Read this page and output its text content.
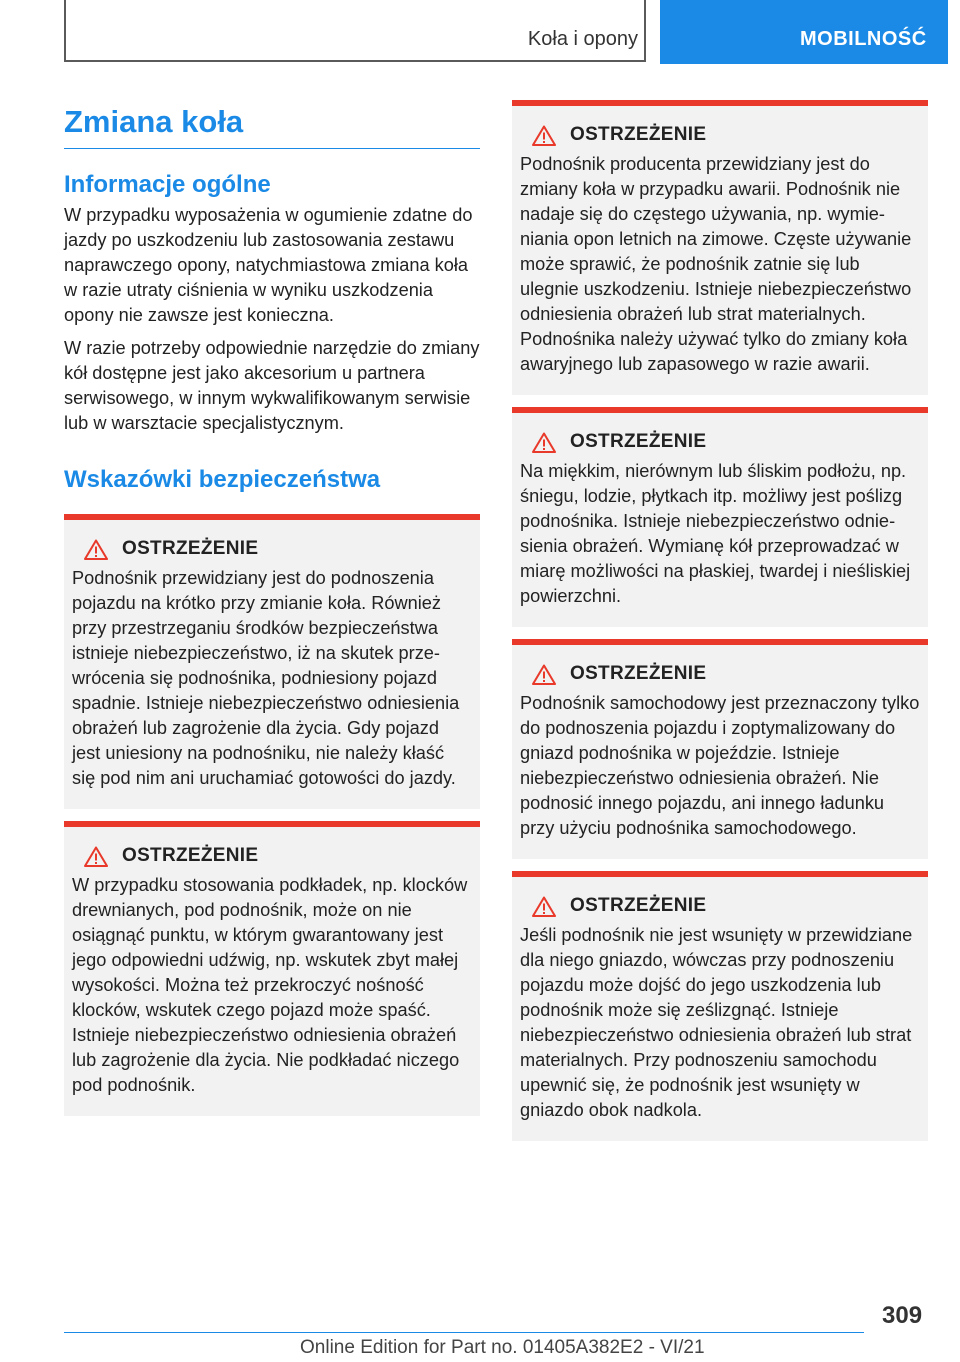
Koła i opony	MOBILNOŚĆ
Zmiana koła
Informacje ogólne

W przypadku wyposażenia w ogumienie zdatne do jazdy po uszkodzeniu lub zastosowania zestawu naprawczego opony, natychmiastowa zmiana koła w razie utraty ciśnienia w wyniku uszkodzenia opony nie zawsze jest konieczna.

W razie potrzeby odpowiednie narzędzie do zmiany kół dostępne jest jako akcesorium u partnera serwisowego, w innym wykwalifikowanym serwisie lub w warsztacie specjalistycznym.

Wskazówki bezpieczeństwa
OSTRZEŻENIE

Podnośnik przewidziany jest do podnoszenia pojazdu na krótko przy zmianie koła. Również przy przestrzeganiu środków bezpieczeństwa istnieje niebezpieczeństwo, iż na skutek przewrócenia się podnośnika, podniesiony pojazd spadnie. Istnieje niebezpieczeństwo odniesienia obrażeń lub zagrożenie dla życia. Gdy pojazd jest uniesiony na podnośniku, nie należy kłaść się pod nim ani uruchamiać gotowości do jazdy.

OSTRZEŻENIE

W przypadku stosowania podkładek, np. klocków drewnianych, pod podnośnik, może on nie osiągnąć punktu, w którym gwarantowany jest jego odpowiedni udźwig, np. wskutek zbyt małej wysokości. Można też przekroczyć nośność klocków, wskutek czego pojazd może spaść. Istnieje niebezpieczeństwo odniesienia obrażeń lub zagrożenie dla życia. Nie podkładać niczego pod podnośnik.

OSTRZEŻENIE

Podnośnik producenta przewidziany jest do zmiany koła w przypadku awarii. Podnośnik nie nadaje się do częstego używania, np. wymieniania opon letnich na zimowe. Częste używanie może sprawić, że podnośnik zatnie się lub ulegnie uszkodzeniu. Istnieje niebezpieczeństwo odniesienia obrażeń lub strat materialnych. Podnośnika należy używać tylko do zmiany koła awaryjnego lub zapasowego w razie awarii.

OSTRZEŻENIE

Na miękkim, nierównym lub śliskim podłożu, np. śniegu, lodzie, płytkach itp. możliwy jest poślizg podnośnika. Istnieje niebezpieczeństwo odniesienia obrażeń. Wymianę kół przeprowadzać w miarę możliwości na płaskiej, twardej i nieśliskiej powierzchni.

OSTRZEŻENIE

Podnośnik samochodowy jest przeznaczony tylko do podnoszenia pojazdu i zoptymalizowany do gniazd podnośnika w pojeździe. Istnieje niebezpieczeństwo odniesienia obrażeń. Nie podnosić innego pojazdu, ani innego ładunku przy użyciu podnośnika samochodowego.

OSTRZEŻENIE

Jeśli podnośnik nie jest wsunięty w przewidziane dla niego gniazdo, wówczas przy podnoszeniu pojazdu może dojść do jego uszkodzenia lub podnośnik może się ześlizgnąć. Istnieje niebezpieczeństwo odniesienia obrażeń lub strat materialnych. Przy podnoszeniu samochodu upewnić się, że podnośnik jest wsunięty w gniazdo obok nadkola.

309
Online Edition for Part no. 01405A382E2 - VI/21
